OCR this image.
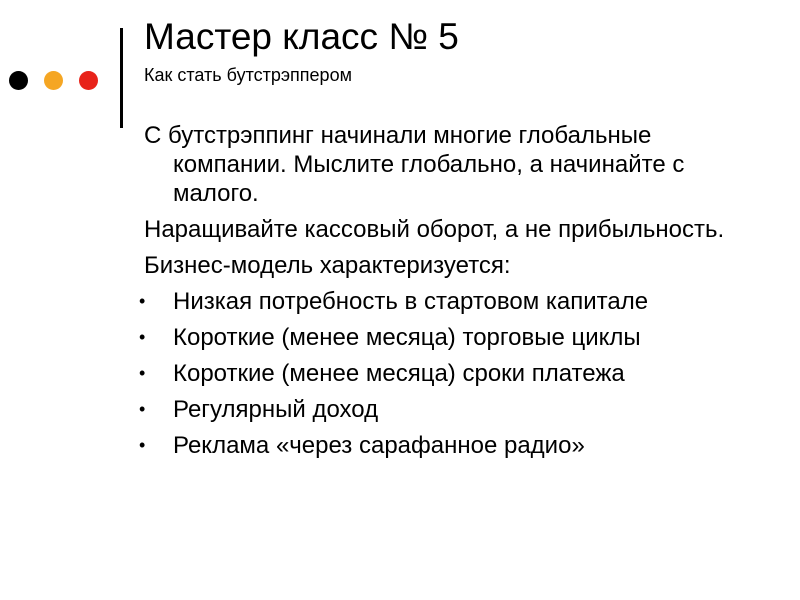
Мастер класс № 5
Как стать бутстрэппером
С бутстрэппинг начинали многие глобальные компании. Мыслите глобально, а начинайте с малого.
Наращивайте кассовый оборот, а не прибыльность.
Бизнес-модель характеризуется:
• Низкая потребность в стартовом капитале
• Короткие (менее месяца) торговые циклы
• Короткие (менее месяца) сроки платежа
• Регулярный доход
• Реклама «через сарафанное радио»
